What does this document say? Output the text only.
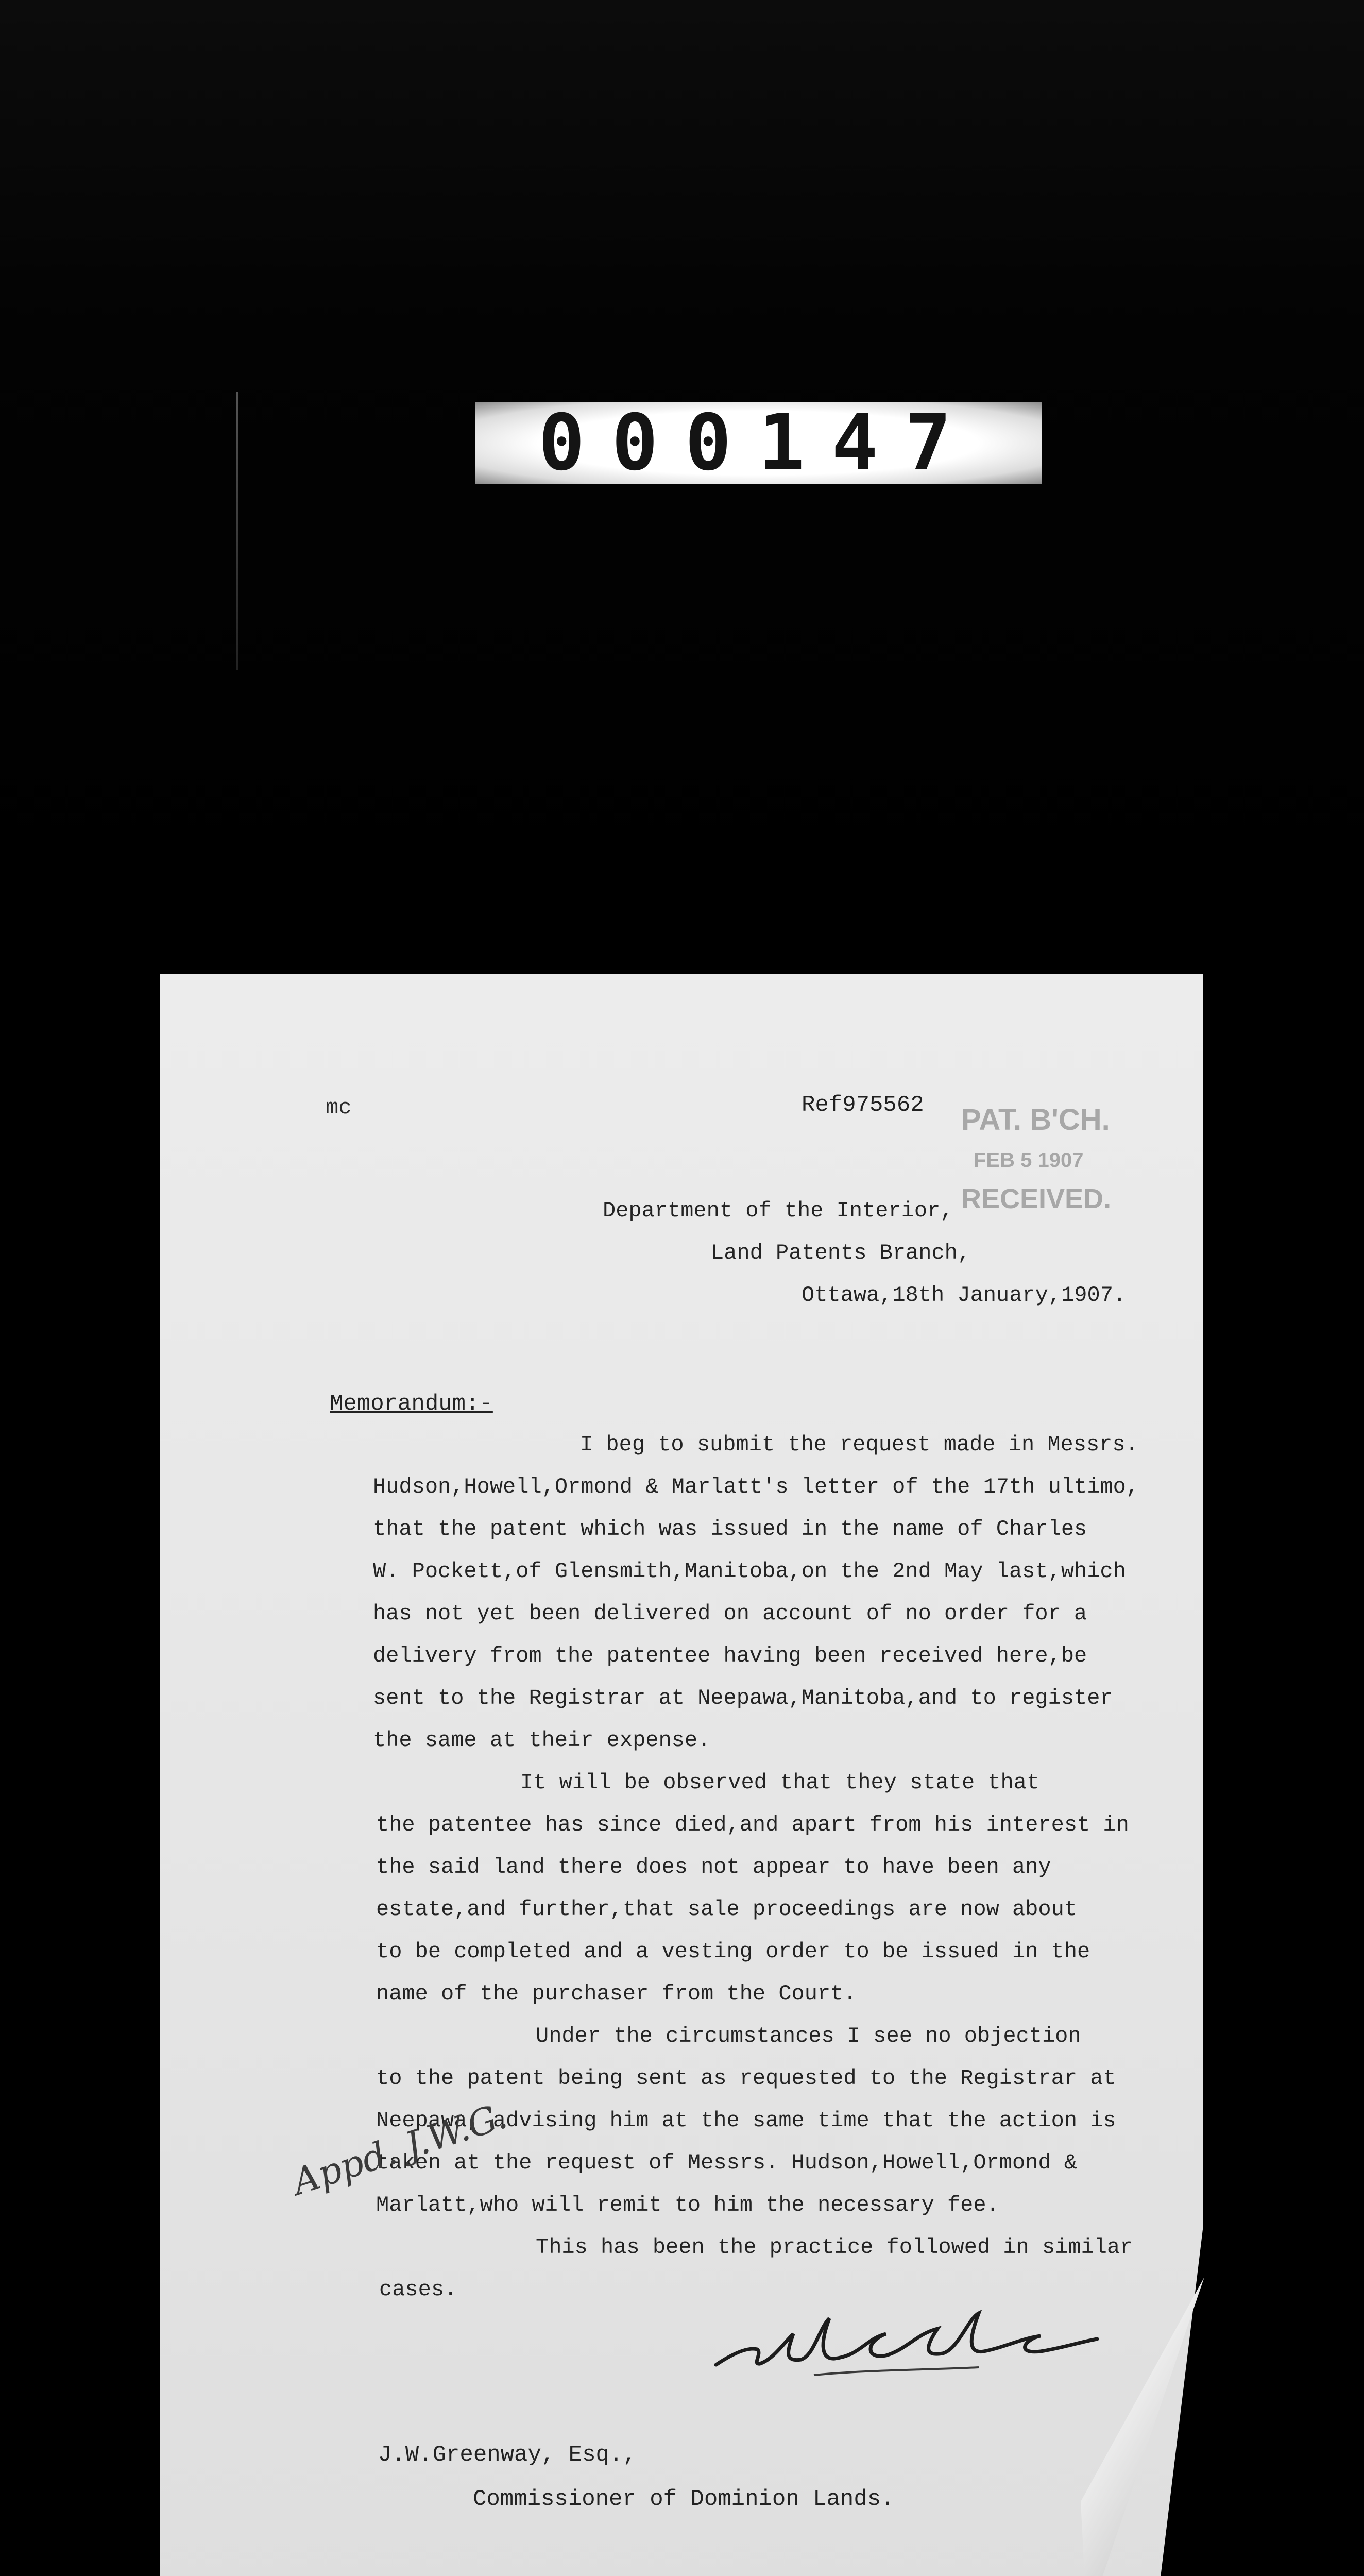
000147
mc	Ref975562 PAT. B'CH.
FEB 5 1907
RECEIVED.
Department of the Interior,
Land Patents Branch,
Ottawa,18th January,1907.
Memorandum:-
I beg to submit the request made in Messrs.
Hudson,Howell,Ormond & Marlatt's letter of the 17th ultimo,
that the patent which was issued in the name of Charles
W. Pockett,of Glensmith,Manitoba,on the 2nd May last,which
has not yet been delivered on account of no order for a
delivery from the patentee having been received here,be
sent to the Registrar at Neepawa,Manitoba,and to register
the same at their expense.
It will be observed that they state that
the patentee has since died,and apart from his interest in
the said land there does not appear to have been any
estate,and further,that sale proceedings are now about
to be completed and a vesting order to be issued in the
name of the purchaser from the Court.
Under the circumstances I see no objection
to the patent being sent as requested to the Registrar at
Neepawa, advising him at the same time that the action is
taken at the request of Messrs. Hudson,Howell,Ormond &
Marlatt,who will remit to him the necessary fee.
This has been the practice followed in similar
cases.
Appd. J.W.G.
J.W.Greenway, Esq.,
Commissioner of Dominion Lands.
